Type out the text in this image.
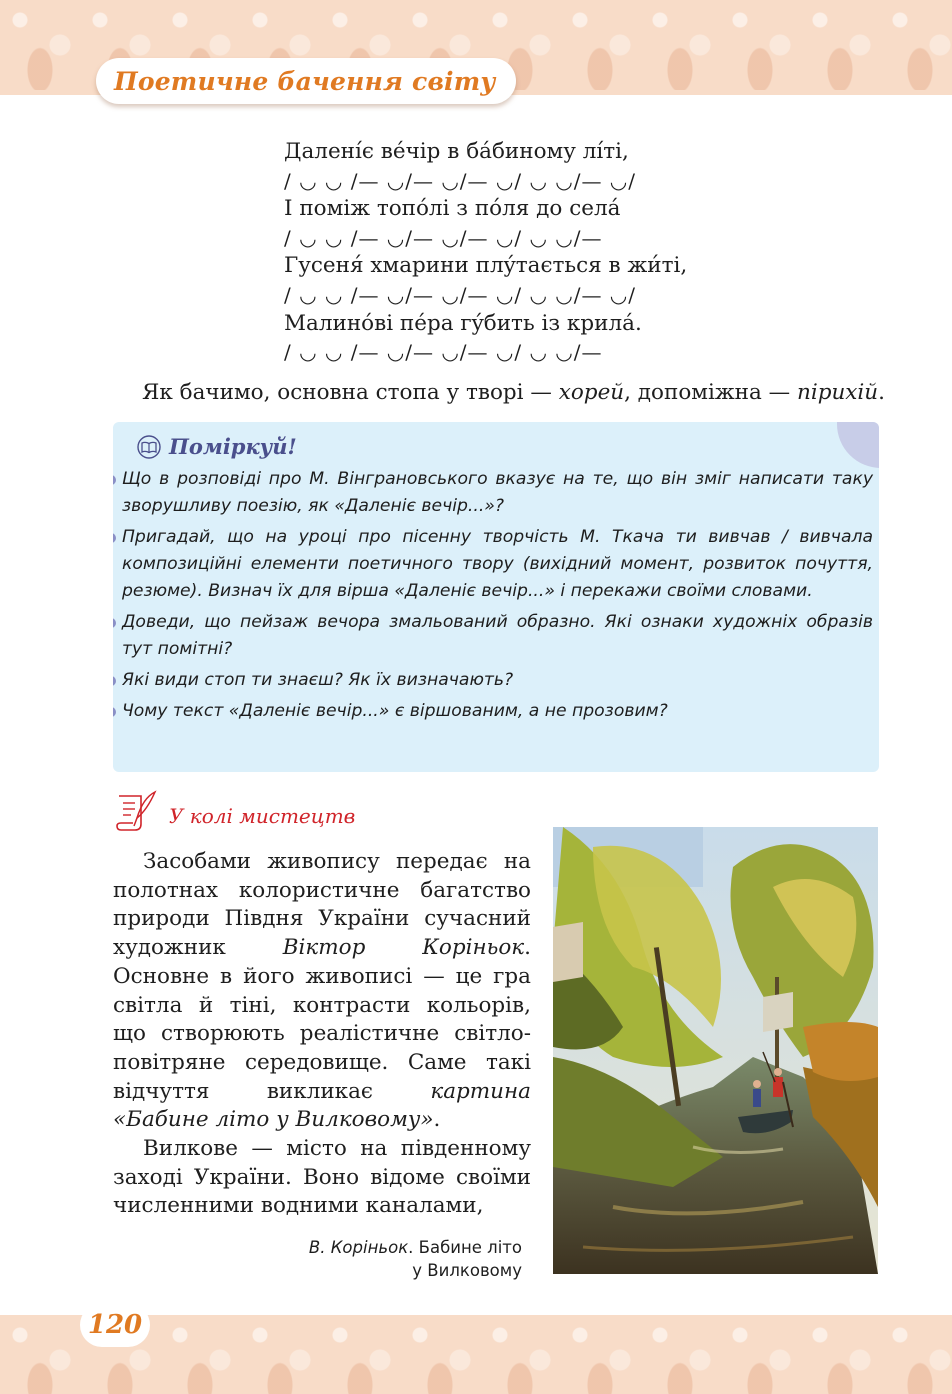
Поетичне бачення світу
Даленíє вéчір в бáбиному лíті,
/ ◡ ◡ /— ◡/— ◡/— ◡/ ◡ ◡/— ◡/
І поміж топóлі з пóля до селá
/ ◡ ◡ /— ◡/— ◡/— ◡/ ◡ ◡/—
Гусеня́ хмарини плýтається в жи́ті,
/ ◡ ◡ /— ◡/— ◡/— ◡/ ◡ ◡/— ◡/
Малинóві пéра гýбить із крилá.
/ ◡ ◡ /— ◡/— ◡/— ◡/ ◡ ◡/—
Як бачимо, основна стопа у творі — хорей, допоміжна — пірихій.
Поміркуй!
Що в розповіді про М. Вінграновського вказує на те, що він зміг написати таку зворушливу поезію, як «Даленіє вечір...»?
Пригадай, що на уроці про пісенну творчість М. Ткача ти вивчав / вивчала композиційні елементи поетичного твору (вихідний момент, розвиток почуття, резюме). Визнач їх для вірша «Даленіє вечір...» і перекажи своїми словами.
Доведи, що пейзаж вечора змальований образно. Які ознаки художніх образів тут помітні?
Які види стоп ти знаєш? Як їх визначають?
Чому текст «Даленіє вечір...» є віршованим, а не прозовим?
У колі мистецтв

Засобами живопису передає на полотнах колористичне багатство природи Півдня України сучасний художник Віктор Коріньок. Основне в його живописі — це гра світла й тіні, контрасти кольорів, що створюють реалістичне світло-повітряне середовище. Саме такі відчуття викликає картина «Бабине літо у Вилковому».

Вилкове — місто на південному заході України. Воно відоме своїми численними водними каналами,

В. Коріньок. Бабине літо
у Вилковому
120
